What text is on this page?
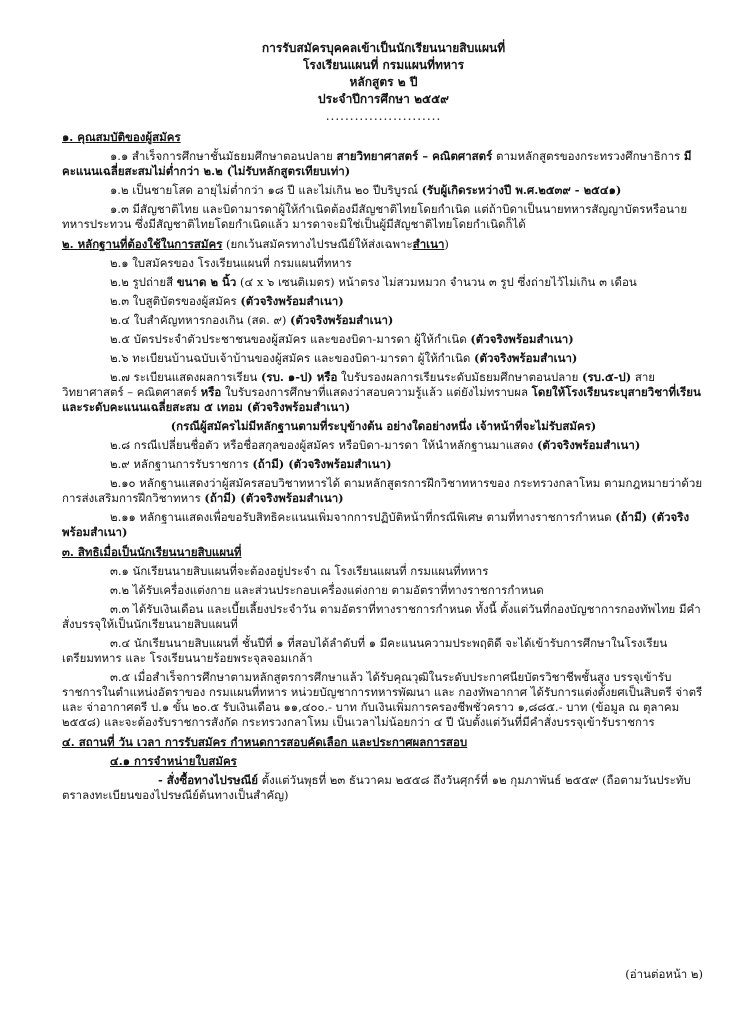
การรับสมัครบุคคลเข้าเป็นนักเรียนนายสิบแผนที่
โรงเรียนแผนที่ กรมแผนที่ทหาร
หลักสูตร ๒ ปี
ประจำปีการศึกษา ๒๕๕๙
........................
๑. คุณสมบัติของผู้สมัคร
๑.๑ สำเร็จการศึกษาชั้นมัธยมศึกษาตอนปลาย สายวิทยาศาสตร์ – คณิตศาสตร์ ตามหลักสูตรของกระทรวงศึกษาธิการ มีคะแนนเฉลี่ยสะสมไม่ต่ำกว่า ๒.๒ (ไม่รับหลักสูตรเทียบเท่า)
๑.๒ เป็นชายโสด อายุไม่ต่ำกว่า ๑๘ ปี และไม่เกิน ๒๐ ปีบริบูรณ์ (รับผู้เกิดระหว่างปี พ.ศ.๒๕๓๙ - ๒๕๔๑)
๑.๓ มีสัญชาติไทย และบิดามารดาผู้ให้กำเนิดต้องมีสัญชาติไทยโดยกำเนิด แต่ถ้าบิดาเป็นนายทหารสัญญาบัตรหรือนายทหารประทวน ซึ่งมีสัญชาติไทยโดยกำเนิดแล้ว มารดาจะมิใช่เป็นผู้มีสัญชาติไทยโดยกำเนิดก็ได้
๒. หลักฐานที่ต้องใช้ในการสมัคร (ยกเว้นสมัครทางไปรษณีย์ให้ส่งเฉพาะสำเนา)
๒.๑ ใบสมัครของ โรงเรียนแผนที่ กรมแผนที่ทหาร
๒.๒ รูปถ่ายสี ขนาด ๒ นิ้ว (๔ x ๖ เซนติเมตร) หน้าตรง ไม่สวมหมวก จำนวน ๓ รูป ซึ่งถ่ายไว้ไม่เกิน ๓ เดือน
๒.๓ ใบสูติบัตรของผู้สมัคร (ตัวจริงพร้อมสำเนา)
๒.๔ ใบสำคัญทหารกองเกิน (สด. ๙) (ตัวจริงพร้อมสำเนา)
๒.๕ บัตรประจำตัวประชาชนของผู้สมัคร และของบิดา-มารดา ผู้ให้กำเนิด (ตัวจริงพร้อมสำเนา)
๒.๖ ทะเบียนบ้านฉบับเจ้าบ้านของผู้สมัคร และของบิดา-มารดา ผู้ให้กำเนิด (ตัวจริงพร้อมสำเนา)
๒.๗ ระเบียนแสดงผลการเรียน (รบ. ๑-ป) หรือ ใบรับรองผลการเรียนระดับมัธยมศึกษาตอนปลาย (รบ.๕-ป) สายวิทยาศาสตร์ – คณิตศาสตร์ หรือ ใบรับรองการศึกษาที่แสดงว่าสอบความรู้แล้ว แต่ยังไม่ทราบผล โดยให้โรงเรียนระบุสายวิชาที่เรียน และระดับคะแนนเฉลี่ยสะสม ๕ เทอม (ตัวจริงพร้อมสำเนา)
(กรณีผู้สมัครไม่มีหลักฐานตามที่ระบุข้างต้น อย่างใดอย่างหนึ่ง เจ้าหน้าที่จะไม่รับสมัคร)
๒.๘ กรณีเปลี่ยนชื่อตัว หรือชื่อสกุลของผู้สมัคร หรือบิดา-มารดา ให้นำหลักฐานมาแสดง (ตัวจริงพร้อมสำเนา)
๒.๙ หลักฐานการรับราชการ (ถ้ามี) (ตัวจริงพร้อมสำเนา)
๒.๑๐ หลักฐานแสดงว่าผู้สมัครสอบวิชาทหารได้ ตามหลักสูตรการฝึกวิชาทหารของ กระทรวงกลาโหม ตามกฎหมายว่าด้วยการส่งเสริมการฝึกวิชาทหาร (ถ้ามี) (ตัวจริงพร้อมสำเนา)
๒.๑๑ หลักฐานแสดงเพื่อขอรับสิทธิคะแนนเพิ่มจากการปฏิบัติหน้าที่กรณีพิเศษ ตามที่ทางราชการกำหนด (ถ้ามี) (ตัวจริงพร้อมสำเนา)
๓. สิทธิเมื่อเป็นนักเรียนนายสิบแผนที่
๓.๑ นักเรียนนายสิบแผนที่จะต้องอยู่ประจำ ณ โรงเรียนแผนที่ กรมแผนที่ทหาร
๓.๒ ได้รับเครื่องแต่งกาย และส่วนประกอบเครื่องแต่งกาย ตามอัตราที่ทางราชการกำหนด
๓.๓ ได้รับเงินเดือน และเบี้ยเลี้ยงประจำวัน ตามอัตราที่ทางราชการกำหนด ทั้งนี้ ตั้งแต่วันที่กองบัญชาการกองทัพไทย มีคำสั่งบรรจุให้เป็นนักเรียนนายสิบแผนที่
๓.๔ นักเรียนนายสิบแผนที่ ชั้นปีที่ ๑ ที่สอบได้ลำดับที่ ๑ มีคะแนนความประพฤติดี จะได้เข้ารับการศึกษาในโรงเรียนเตรียมทหาร และ โรงเรียนนายร้อยพระจุลจอมเกล้า
๓.๕ เมื่อสำเร็จการศึกษาตามหลักสูตรการศึกษาแล้ว ได้รับคุณวุฒิในระดับประกาศนียบัตรวิชาชีพชั้นสูง บรรจุเข้ารับราชการในตำแหน่งอัตราของ กรมแผนที่ทหาร หน่วยบัญชาการทหารพัฒนา และ กองทัพอากาศ ได้รับการแต่งตั้งยศเป็นสิบตรี จ่าตรี และ จ่าอากาศตรี ป.๑ ขั้น ๒๐.๕ รับเงินเดือน ๑๑,๔๐๐.- บาท กับเงินเพิ่มการครองชีพชั่วคราว ๑,๘๘๕.- บาท (ข้อมูล ณ ตุลาคม ๒๕๕๘) และจะต้องรับราชการสังกัด กระทรวงกลาโหม เป็นเวลาไม่น้อยกว่า ๔ ปี นับตั้งแต่วันที่มีคำสั่งบรรจุเข้ารับราชการ
๔. สถานที่ วัน เวลา การรับสมัคร กำหนดการสอบคัดเลือก และประกาศผลการสอบ
๔.๑ การจำหน่ายใบสมัคร
- สั่งซื้อทางไปรษณีย์ ตั้งแต่วันพุธที่ ๒๓ ธันวาคม ๒๕๕๘ ถึงวันศุกร์ที่ ๑๒ กุมภาพันธ์ ๒๕๕๙ (ถือตามวันประทับตราลงทะเบียนของไปรษณีย์ต้นทางเป็นสำคัญ)
(อ่านต่อหน้า ๒)
